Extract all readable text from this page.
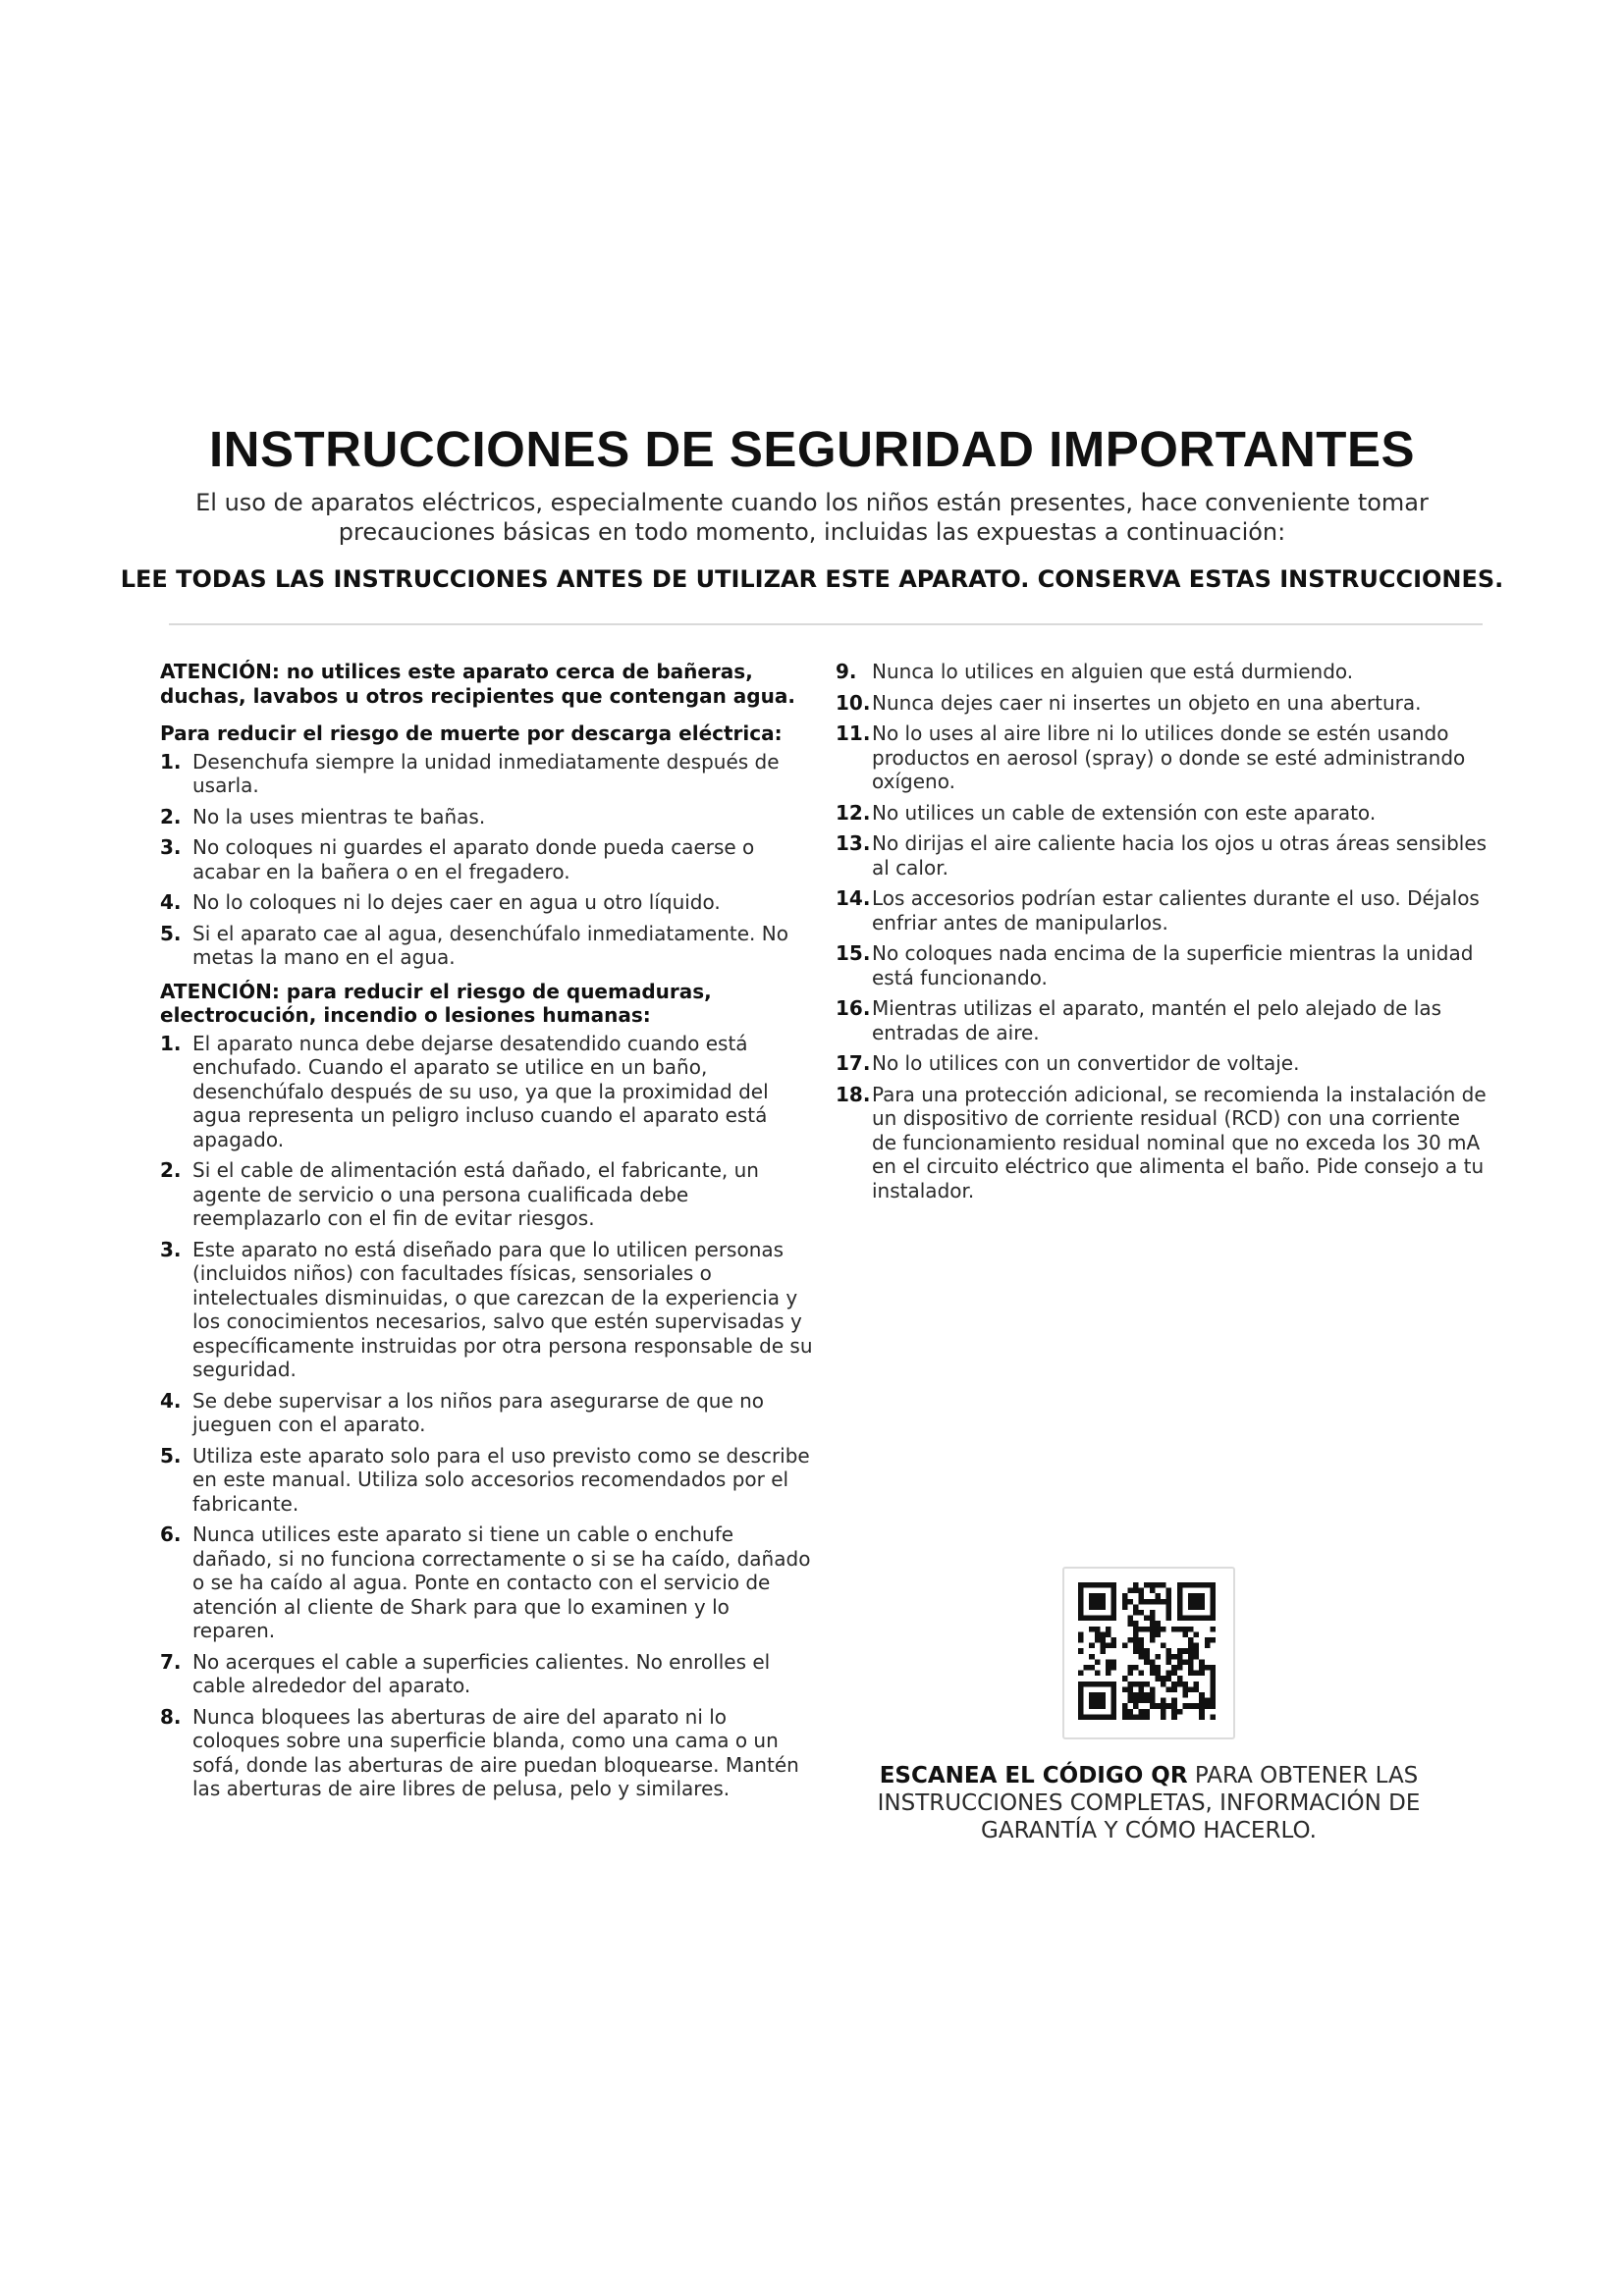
INSTRUCCIONES DE SEGURIDAD IMPORTANTES
El uso de aparatos eléctricos, especialmente cuando los niños están presentes, hace conveniente tomar
precauciones básicas en todo momento, incluidas las expuestas a continuación:
LEE TODAS LAS INSTRUCCIONES ANTES DE UTILIZAR ESTE APARATO. CONSERVA ESTAS INSTRUCCIONES.
ATENCIÓN: no utilices este aparato cerca de bañeras, duchas, lavabos u otros recipientes que contengan agua.
Para reducir el riesgo de muerte por descarga eléctrica:
1. Desenchufa siempre la unidad inmediatamente después de usarla.
2. No la uses mientras te bañas.
3. No coloques ni guardes el aparato donde pueda caerse o acabar en la bañera o en el fregadero.
4. No lo coloques ni lo dejes caer en agua u otro líquido.
5. Si el aparato cae al agua, desenchúfalo inmediatamente. No metas la mano en el agua.
ATENCIÓN: para reducir el riesgo de quemaduras, electrocución, incendio o lesiones humanas:
1. El aparato nunca debe dejarse desatendido cuando está enchufado. Cuando el aparato se utilice en un baño, desenchúfalo después de su uso, ya que la proximidad del agua representa un peligro incluso cuando el aparato está apagado.
2. Si el cable de alimentación está dañado, el fabricante, un agente de servicio o una persona cualificada debe reemplazarlo con el fin de evitar riesgos.
3. Este aparato no está diseñado para que lo utilicen personas (incluidos niños) con facultades físicas, sensoriales o intelectuales disminuidas, o que carezcan de la experiencia y los conocimientos necesarios, salvo que estén supervisadas y específicamente instruidas por otra persona responsable de su seguridad.
4. Se debe supervisar a los niños para asegurarse de que no jueguen con el aparato.
5. Utiliza este aparato solo para el uso previsto como se describe en este manual. Utiliza solo accesorios recomendados por el fabricante.
6. Nunca utilices este aparato si tiene un cable o enchufe dañado, si no funciona correctamente o si se ha caído, dañado o se ha caído al agua. Ponte en contacto con el servicio de atención al cliente de Shark para que lo examinen y lo reparen.
7. No acerques el cable a superficies calientes. No enrolles el cable alrededor del aparato.
8. Nunca bloquees las aberturas de aire del aparato ni lo coloques sobre una superficie blanda, como una cama o un sofá, donde las aberturas de aire puedan bloquearse. Mantén las aberturas de aire libres de pelusa, pelo y similares.
9. Nunca lo utilices en alguien que está durmiendo.
10. Nunca dejes caer ni insertes un objeto en una abertura.
11. No lo uses al aire libre ni lo utilices donde se estén usando productos en aerosol (spray) o donde se esté administrando oxígeno.
12. No utilices un cable de extensión con este aparato.
13. No dirijas el aire caliente hacia los ojos u otras áreas sensibles al calor.
14. Los accesorios podrían estar calientes durante el uso. Déjalos enfriar antes de manipularlos.
15. No coloques nada encima de la superficie mientras la unidad está funcionando.
16. Mientras utilizas el aparato, mantén el pelo alejado de las entradas de aire.
17. No lo utilices con un convertidor de voltaje.
18. Para una protección adicional, se recomienda la instalación de un dispositivo de corriente residual (RCD) con una corriente de funcionamiento residual nominal que no exceda los 30 mA en el circuito eléctrico que alimenta el baño. Pide consejo a tu instalador.
ESCANEA EL CÓDIGO QR PARA OBTENER LAS INSTRUCCIONES COMPLETAS, INFORMACIÓN DE GARANTÍA Y CÓMO HACERLO.
